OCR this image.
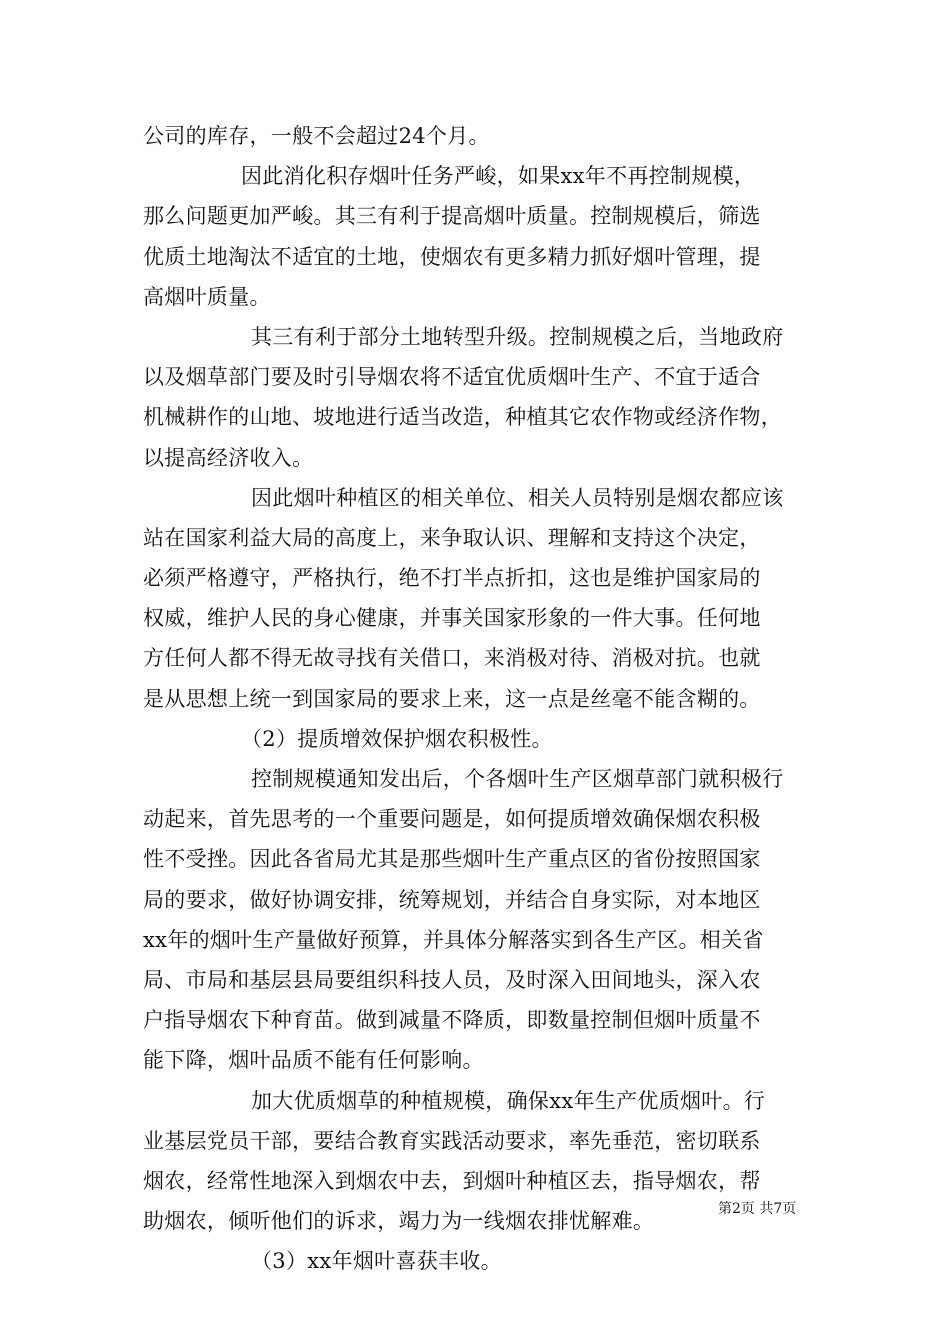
公司的库存，一般不会超过24个月。
因此消化积存烟叶任务严峻，如果xx年不再控制规模，
那么问题更加严峻。其三有利于提高烟叶质量。控制规模后，筛选
优质土地淘汰不适宜的土地，使烟农有更多精力抓好烟叶管理，提
高烟叶质量。
其三有利于部分土地转型升级。控制规模之后，当地政府
以及烟草部门要及时引导烟农将不适宜优质烟叶生产、不宜于适合
机械耕作的山地、坡地进行适当改造，种植其它农作物或经济作物，
以提高经济收入。
因此烟叶种植区的相关单位、相关人员特别是烟农都应该
站在国家利益大局的高度上，来争取认识、理解和支持这个决定，
必须严格遵守，严格执行，绝不打半点折扣，这也是维护国家局的
权威，维护人民的身心健康，并事关国家形象的一件大事。任何地
方任何人都不得无故寻找有关借口，来消极对待、消极对抗。也就
是从思想上统一到国家局的要求上来，这一点是丝毫不能含糊的。
（2）提质增效保护烟农积极性。
控制规模通知发出后，个各烟叶生产区烟草部门就积极行
动起来，首先思考的一个重要问题是，如何提质增效确保烟农积极
性不受挫。因此各省局尤其是那些烟叶生产重点区的省份按照国家
局的要求，做好协调安排，统筹规划，并结合自身实际，对本地区
xx年的烟叶生产量做好预算，并具体分解落实到各生产区。相关省
局、市局和基层县局要组织科技人员，及时深入田间地头，深入农
户指导烟农下种育苗。做到减量不降质，即数量控制但烟叶质量不
能下降，烟叶品质不能有任何影响。
加大优质烟草的种植规模，确保xx年生产优质烟叶。行
业基层党员干部，要结合教育实践活动要求，率先垂范，密切联系
烟农，经常性地深入到烟农中去，到烟叶种植区去，指导烟农，帮
助烟农，倾听他们的诉求，竭力为一线烟农排忧解难。
（3）xx年烟叶喜获丰收。
第2页 共7页
